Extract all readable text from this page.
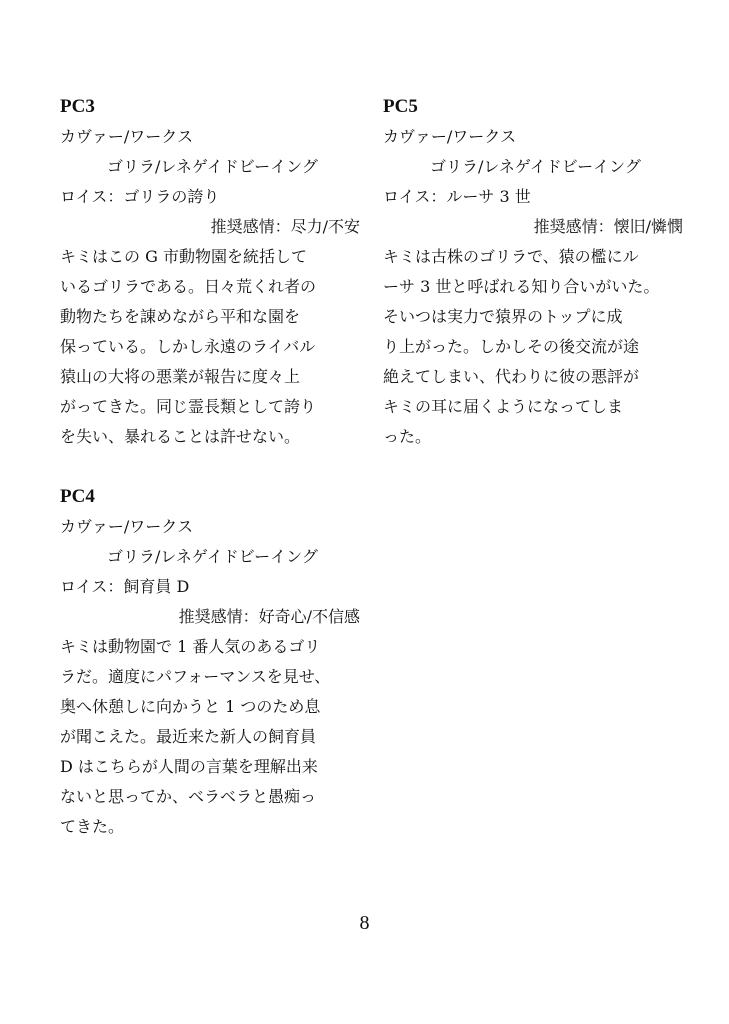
PC3
カヴァー/ワークス
ゴリラ/レネゲイドビーイング
ロイス：ゴリラの誇り
推奨感情：尽力/不安
キミはこの G 市動物園を統括して
いるゴリラである。日々荒くれ者の
動物たちを諌めながら平和な園を
保っている。しかし永遠のライバル
猿山の大将の悪業が報告に度々上
がってきた。同じ霊長類として誇り
を失い、暴れることは許せない。
PC5
カヴァー/ワークス
ゴリラ/レネゲイドビーイング
ロイス：ルーサ 3 世
推奨感情：懐旧/憐憫
キミは古株のゴリラで、猿の檻にル
ーサ 3 世と呼ばれる知り合いがいた。
そいつは実力で猿界のトップに成
り上がった。しかしその後交流が途
絶えてしまい、代わりに彼の悪評が
キミの耳に届くようになってしま
った。
PC4
カヴァー/ワークス
ゴリラ/レネゲイドビーイング
ロイス：飼育員 D
推奨感情：好奇心/不信感
キミは動物園で 1 番人気のあるゴリ
ラだ。適度にパフォーマンスを見せ、
奥へ休憩しに向かうと 1 つのため息
が聞こえた。最近来た新人の飼育員
D はこちらが人間の言葉を理解出来
ないと思ってか、ベラベラと愚痴っ
てきた。
8
